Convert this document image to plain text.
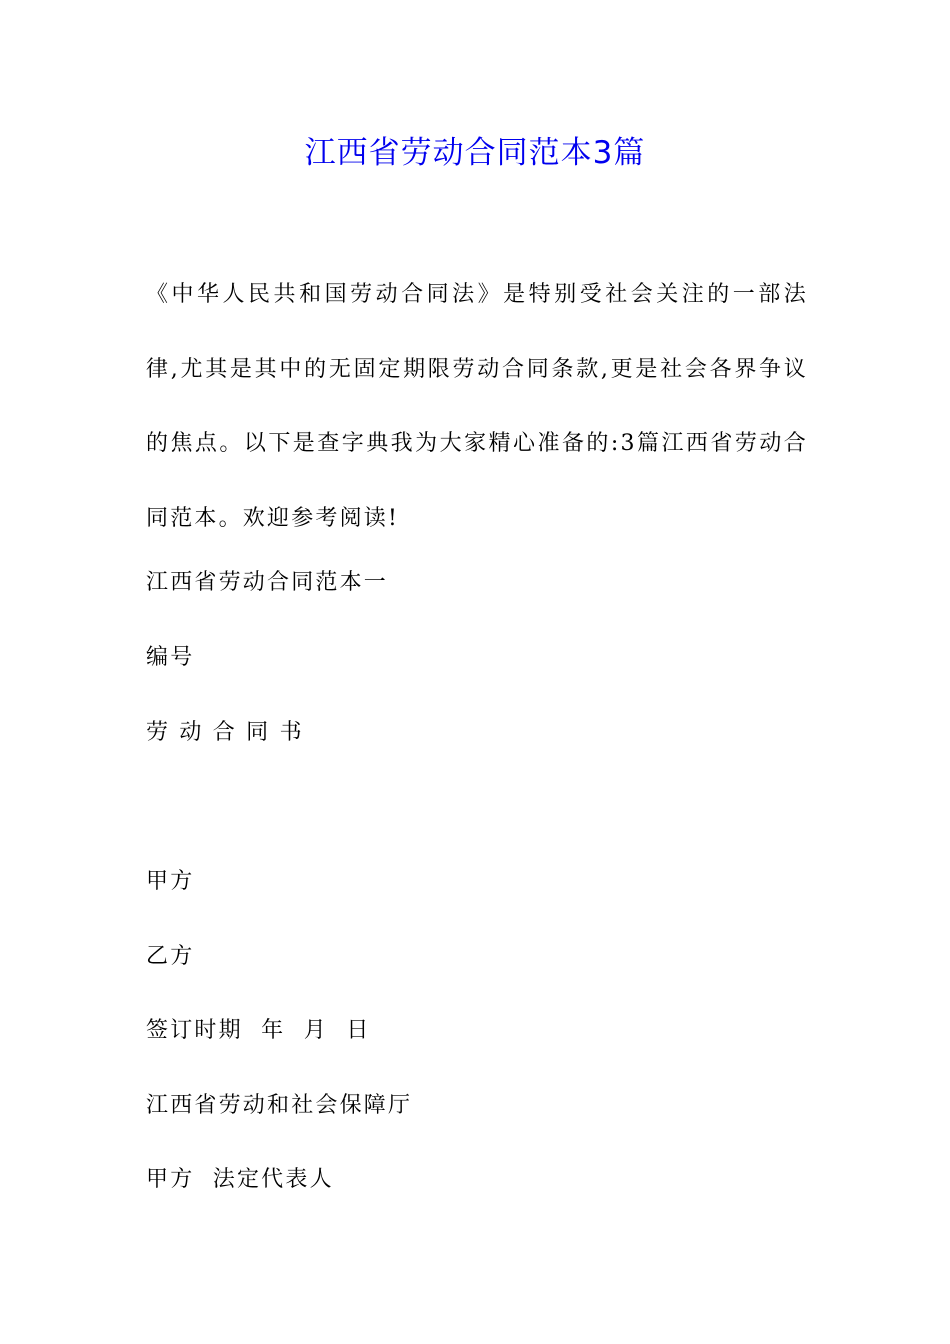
江西省劳动合同范本3篇
《中华人民共和国劳动合同法》是特别受社会关注的一部法律,尤其是其中的无固定期限劳动合同条款,更是社会各界争议的焦点。以下是查字典我为大家精心准备的:3篇江西省劳动合同范本。欢迎参考阅读!
江西省劳动合同范本一
编号
劳 动 合 同 书
甲方
乙方
签订时期  年  月  日
江西省劳动和社会保障厅
甲方  法定代表人
